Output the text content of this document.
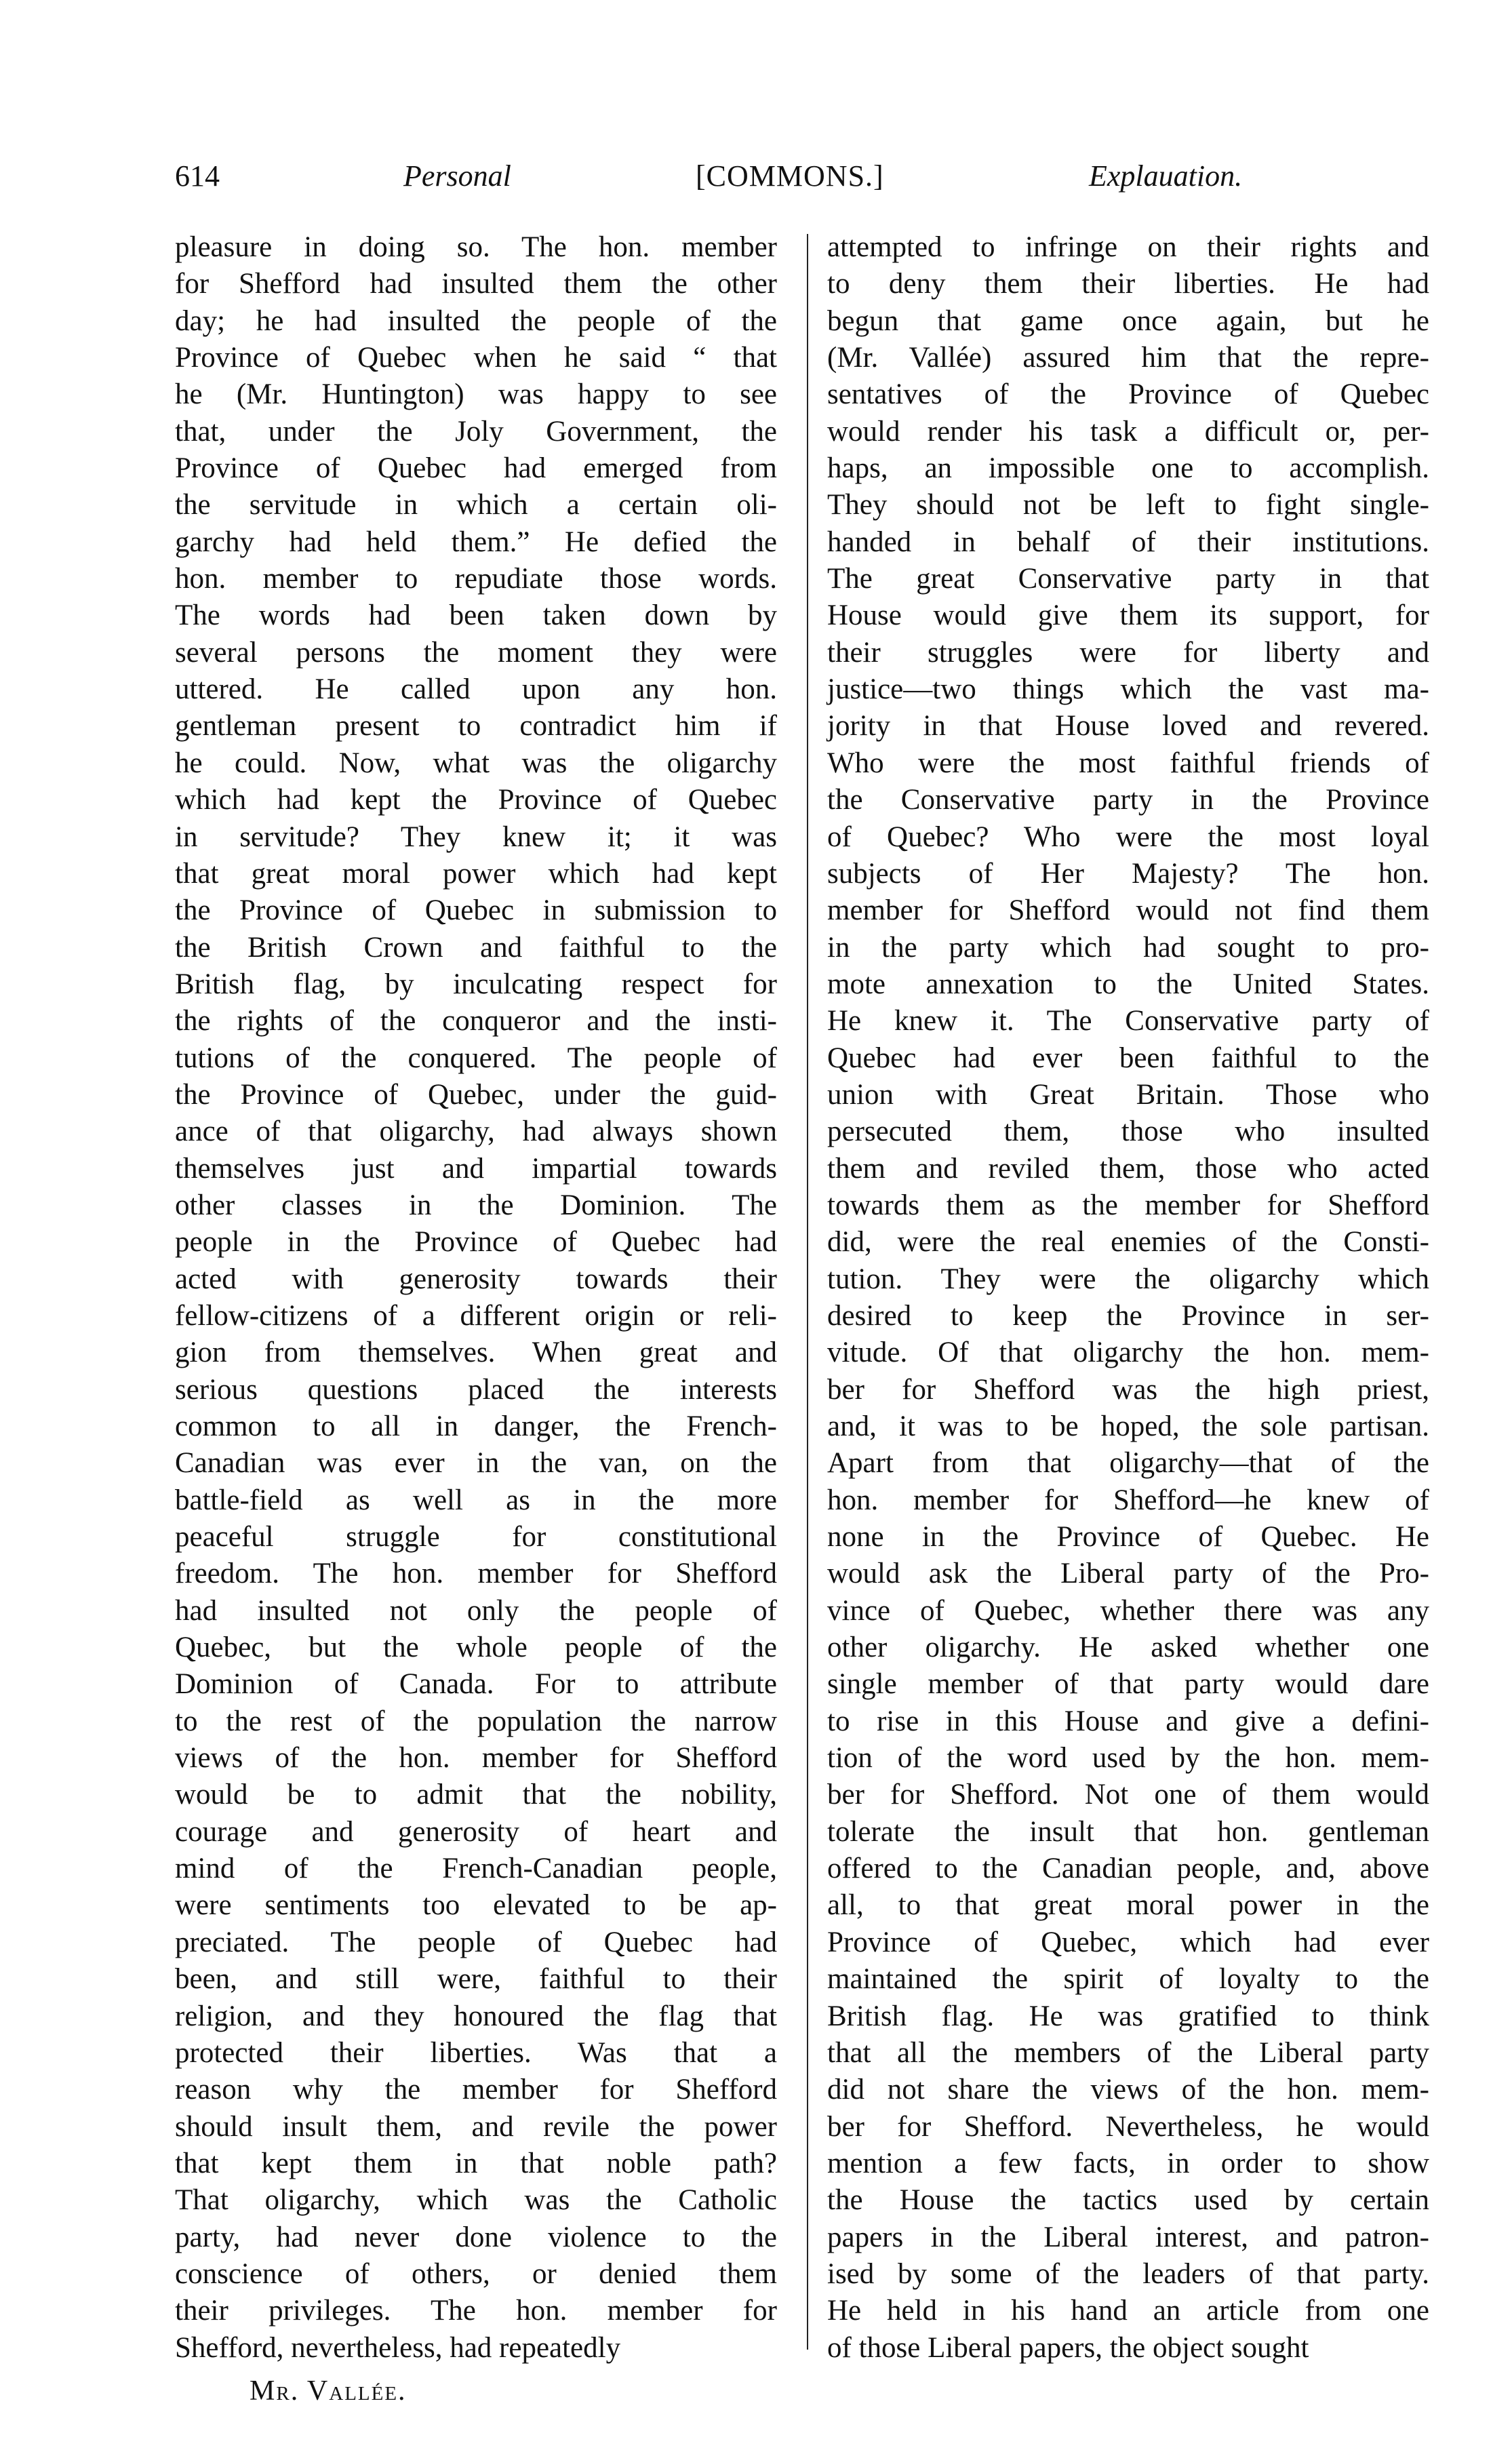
614	Personal	[COMMONS.]	Explauation.
pleasure in doing so. The hon. member
for Shefford had insulted them the other
day; he had insulted the people of the
Province of Quebec when he said “ that
he (Mr. Huntington) was happy to see
that, under the Joly Government, the
Province of Quebec had emerged from
the servitude in which a certain oli-
garchy had held them.” He defied the
hon. member to repudiate those words.
The words had been taken down by
several persons the moment they were
uttered. He called upon any hon.
gentleman present to contradict him if
he could. Now, what was the oligarchy
which had kept the Province of Quebec
in servitude? They knew it; it was
that great moral power which had kept
the Province of Quebec in submission to
the British Crown and faithful to the
British flag, by inculcating respect for
the rights of the conqueror and the insti-
tutions of the conquered. The people of
the Province of Quebec, under the guid-
ance of that oligarchy, had always shown
themselves just and impartial towards
other classes in the Dominion. The
people in the Province of Quebec had
acted with generosity towards their
fellow-citizens of a different origin or reli-
gion from themselves. When great and
serious questions placed the interests
common to all in danger, the French-
Canadian was ever in the van, on the
battle-field as well as in the more
peaceful struggle for constitutional
freedom. The hon. member for Shefford
had insulted not only the people of
Quebec, but the whole people of the
Dominion of Canada. For to attribute
to the rest of the population the narrow
views of the hon. member for Shefford
would be to admit that the nobility,
courage and generosity of heart and
mind of the French-Canadian people,
were sentiments too elevated to be ap-
preciated. The people of Quebec had
been, and still were, faithful to their
religion, and they honoured the flag that
protected their liberties. Was that a
reason why the member for Shefford
should insult them, and revile the power
that kept them in that noble path?
That oligarchy, which was the Catholic
party, had never done violence to the
conscience of others, or denied them
their privileges. The hon. member for
Shefford, nevertheless, had repeatedly
attempted to infringe on their rights and
to deny them their liberties. He had
begun that game once again, but he
(Mr. Vallée) assured him that the repre-
sentatives of the Province of Quebec
would render his task a difficult or, per-
haps, an impossible one to accomplish.
They should not be left to fight single-
handed in behalf of their institutions.
The great Conservative party in that
House would give them its support, for
their struggles were for liberty and
justice—two things which the vast ma-
jority in that House loved and revered.
Who were the most faithful friends of
the Conservative party in the Province
of Quebec? Who were the most loyal
subjects of Her Majesty? The hon.
member for Shefford would not find them
in the party which had sought to pro-
mote annexation to the United States.
He knew it. The Conservative party of
Quebec had ever been faithful to the
union with Great Britain. Those who
persecuted them, those who insulted
them and reviled them, those who acted
towards them as the member for Shefford
did, were the real enemies of the Consti-
tution. They were the oligarchy which
desired to keep the Province in ser-
vitude. Of that oligarchy the hon. mem-
ber for Shefford was the high priest,
and, it was to be hoped, the sole partisan.
Apart from that oligarchy—that of the
hon. member for Shefford—he knew of
none in the Province of Quebec. He
would ask the Liberal party of the Pro-
vince of Quebec, whether there was any
other oligarchy. He asked whether one
single member of that party would dare
to rise in this House and give a defini-
tion of the word used by the hon. mem-
ber for Shefford. Not one of them would
tolerate the insult that hon. gentleman
offered to the Canadian people, and, above
all, to that great moral power in the
Province of Quebec, which had ever
maintained the spirit of loyalty to the
British flag. He was gratified to think
that all the members of the Liberal party
did not share the views of the hon. mem-
ber for Shefford. Nevertheless, he would
mention a few facts, in order to show
the House the tactics used by certain
papers in the Liberal interest, and patron-
ised by some of the leaders of that party.
He held in his hand an article from one
of those Liberal papers, the object sought
Mr. Vallée.
